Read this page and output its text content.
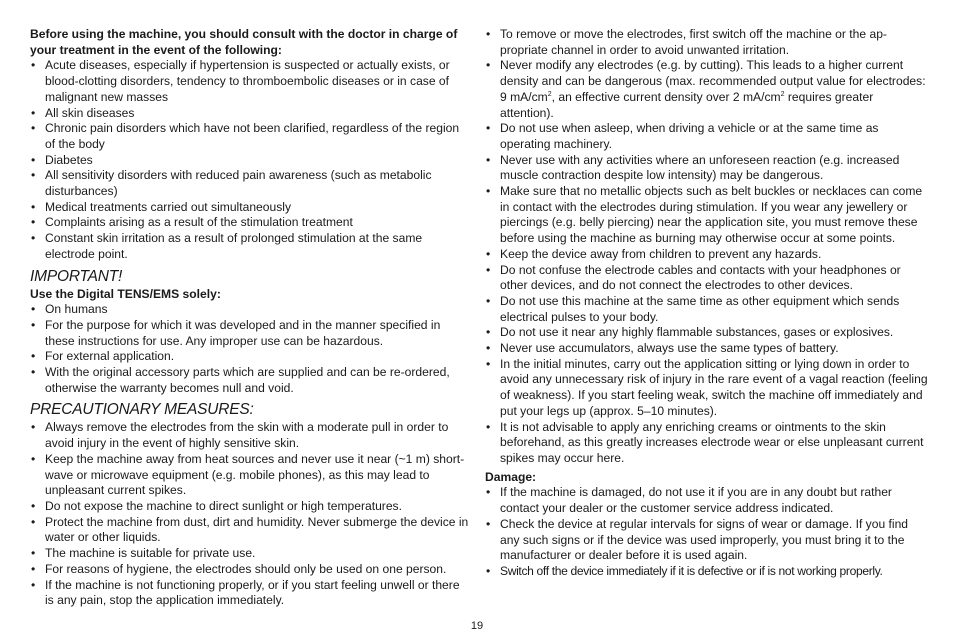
Before using the machine, you should consult with the doctor in charge of your treatment in the event of the following:

• Acute diseases, especially if hypertension is suspected or actually exists, or blood-clotting disorders, tendency to thromboembolic diseases or in case of malignant new masses
• All skin diseases
• Chronic pain disorders which have not been clarified, regardless of the region of the body
• Diabetes
• All sensitivity disorders with reduced pain awareness (such as metabolic disturbances)
• Medical treatments carried out simultaneously
• Complaints arising as a result of the stimulation treatment
• Constant skin irritation as a result of prolonged stimulation at the same electrode point.

IMPORTANT!

Use the Digital TENS/EMS solely:

• On humans
• For the purpose for which it was developed and in the manner specified in these instructions for use. Any improper use can be hazardous.
• For external application.
• With the original accessory parts which are supplied and can be re-ordered, otherwise the warranty becomes null and void.

PRECAUTIONARY MEASURES:

• Always remove the electrodes from the skin with a moderate pull in order to avoid injury in the event of highly sensitive skin.
• Keep the machine away from heat sources and never use it near (~1 m) short-wave or microwave equipment (e.g. mobile phones), as this may lead to unpleasant current spikes.
• Do not expose the machine to direct sunlight or high temperatures.
• Protect the machine from dust, dirt and humidity. Never submerge the device in water or other liquids.
• The machine is suitable for private use.
• For reasons of hygiene, the electrodes should only be used on one person.
• If the machine is not functioning properly, or if you start feeling unwell or there is any pain, stop the application immediately.
• To remove or move the electrodes, first switch off the machine or the ap-propriate channel in order to avoid unwanted irritation.
• Never modify any electrodes (e.g. by cutting). This leads to a higher current density and can be dangerous (max. recommended output value for electrodes: 9 $mA/cm^2$, an effective current density over 2 $mA/cm^2$ requires greater attention).
• Do not use when asleep, when driving a vehicle or at the same time as operating machinery.
• Never use with any activities where an unforeseen reaction (e.g. increased muscle contraction despite low intensity) may be dangerous.
• Make sure that no metallic objects such as belt buckles or necklaces can come in contact with the electrodes during stimulation. If you wear any jewellery or piercings (e.g. belly piercing) near the application site, you must remove these before using the machine as burning may otherwise occur at some points.
• Keep the device away from children to prevent any hazards.
• Do not confuse the electrode cables and contacts with your headphones or other devices, and do not connect the electrodes to other devices.
• Do not use this machine at the same time as other equipment which sends electrical pulses to your body.
• Do not use it near any highly flammable substances, gases or explosives.
• Never use accumulators, always use the same types of battery.
• In the initial minutes, carry out the application sitting or lying down in order to avoid any unnecessary risk of injury in the rare event of a vagal reaction (feeling of weakness). If you start feeling weak, switch the machine off immediately and put your legs up (approx. 5–10 minutes).
• It is not advisable to apply any enriching creams or ointments to the skin beforehand, as this greatly increases electrode wear or else unpleasant current spikes may occur here.

Damage:

• If the machine is damaged, do not use it if you are in any doubt but rather contact your dealer or the customer service address indicated.
• Check the device at regular intervals for signs of wear or damage. If you find any such signs or if the device was used improperly, you must bring it to the manufacturer or dealer before it is used again.
• Switch off the device immediately if it is defective or if is not working properly.
19
